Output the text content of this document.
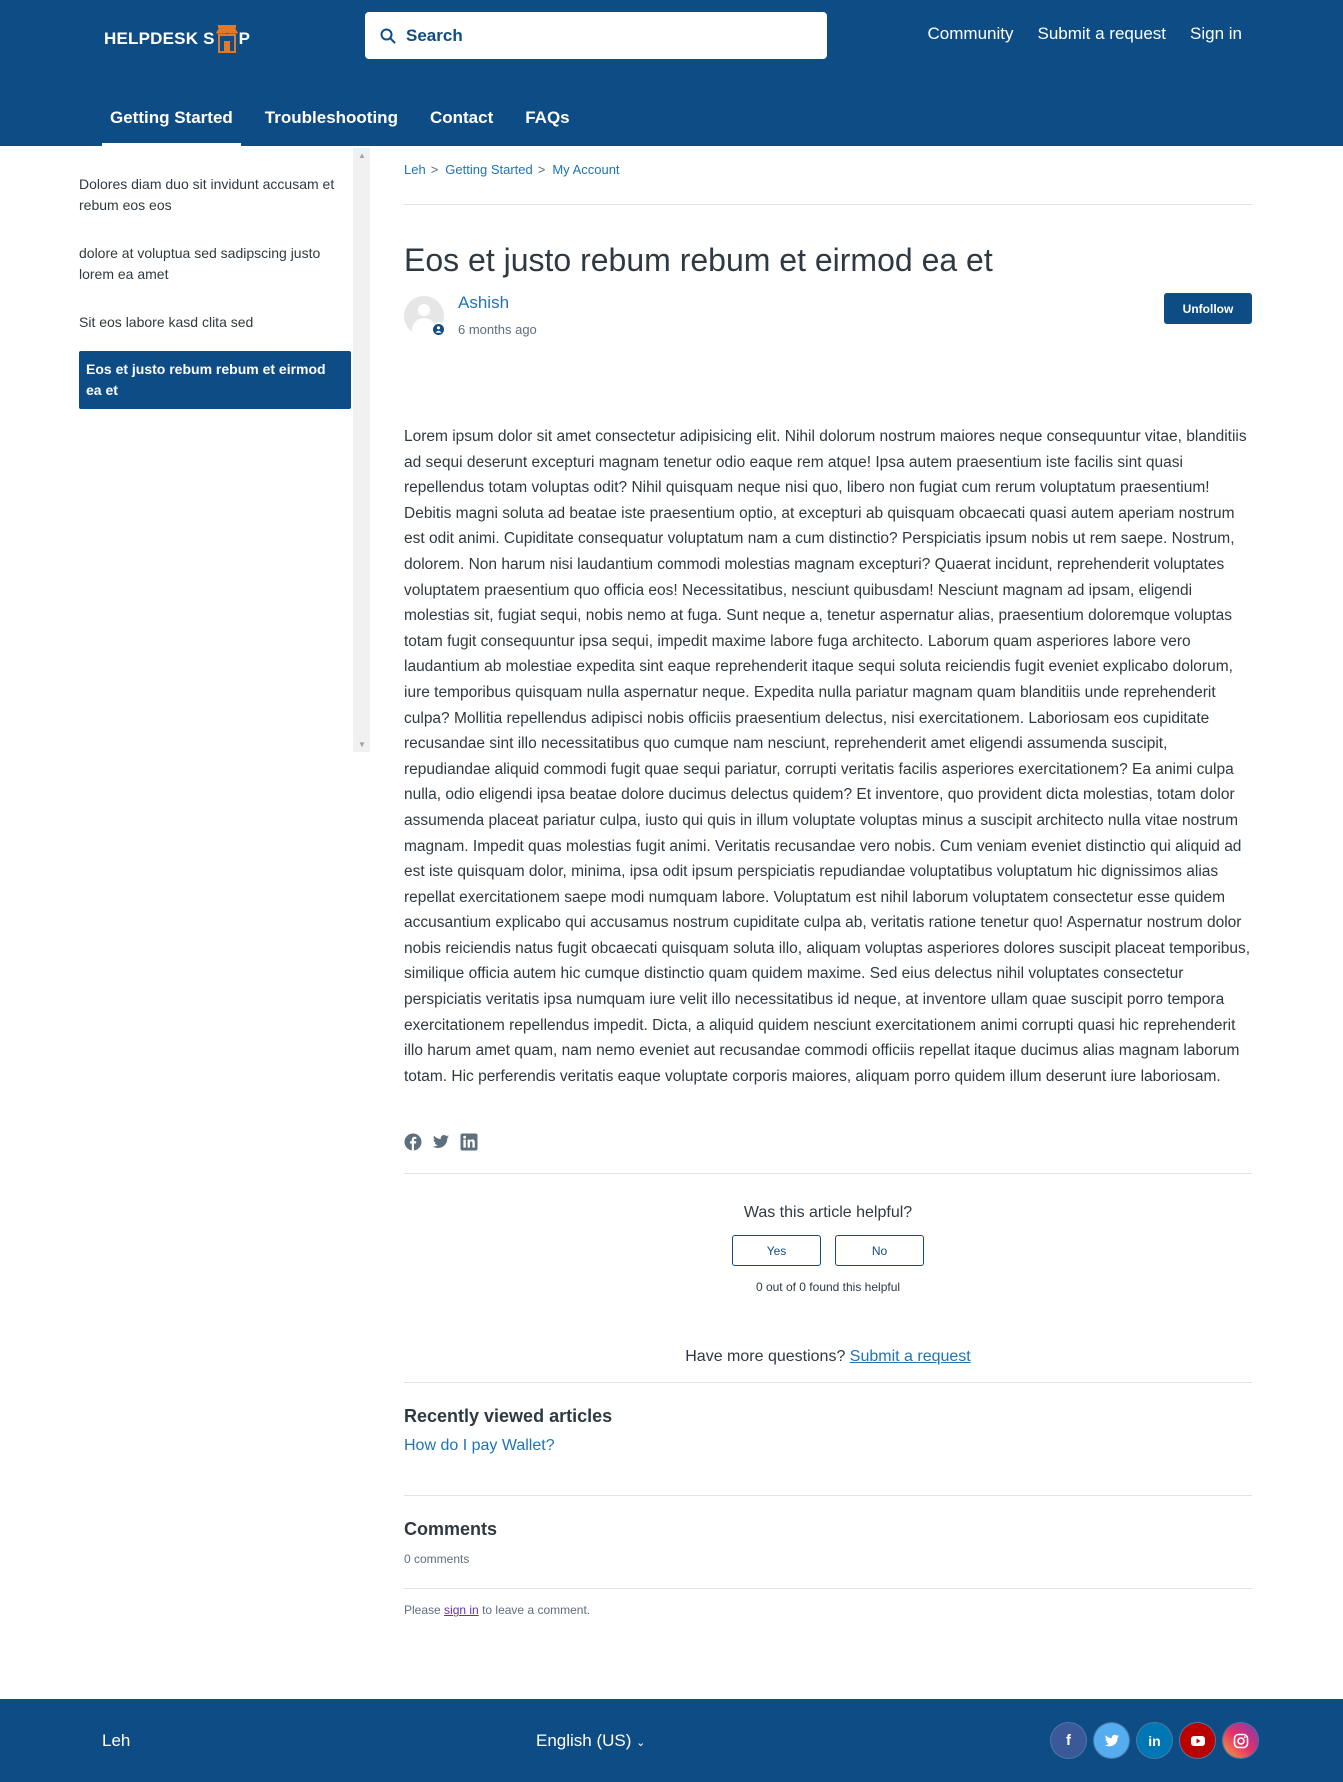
HELPDESK S P	Search	Community Submit a request Sign in
Getting Started	Troubleshooting	Contact	FAQs
Dolores diam duo sit invidunt accusam et rebum eos eos
dolore at voluptua sed sadipscing justo lorem ea amet
Sit eos labore kasd clita sed
Eos et justo rebum rebum et eirmod ea et
▲
▼
Leh > Getting Started > My Account
Eos et justo rebum rebum et eirmod ea et
Ashish
6 months ago
Unfollow
Lorem ipsum dolor sit amet consectetur adipisicing elit. Nihil dolorum nostrum maiores neque consequuntur vitae, blanditiis ad sequi deserunt excepturi magnam tenetur odio eaque rem atque! Ipsa autem praesentium iste facilis sint quasi repellendus totam voluptas odit? Nihil quisquam neque nisi quo, libero non fugiat cum rerum voluptatum praesentium! Debitis magni soluta ad beatae iste praesentium optio, at excepturi ab quisquam obcaecati quasi autem aperiam nostrum est odit animi. Cupiditate consequatur voluptatum nam a cum distinctio? Perspiciatis ipsum nobis ut rem saepe. Nostrum, dolorem. Non harum nisi laudantium commodi molestias magnam excepturi? Quaerat incidunt, reprehenderit voluptates voluptatem praesentium quo officia eos! Necessitatibus, nesciunt quibusdam! Nesciunt magnam ad ipsam, eligendi molestias sit, fugiat sequi, nobis nemo at fuga. Sunt neque a, tenetur aspernatur alias, praesentium doloremque voluptas totam fugit consequuntur ipsa sequi, impedit maxime labore fuga architecto. Laborum quam asperiores labore vero laudantium ab molestiae expedita sint eaque reprehenderit itaque sequi soluta reiciendis fugit eveniet explicabo dolorum, iure temporibus quisquam nulla aspernatur neque. Expedita nulla pariatur magnam quam blanditiis unde reprehenderit culpa? Mollitia repellendus adipisci nobis officiis praesentium delectus, nisi exercitationem. Laboriosam eos cupiditate recusandae sint illo necessitatibus quo cumque nam nesciunt, reprehenderit amet eligendi assumenda suscipit, repudiandae aliquid commodi fugit quae sequi pariatur, corrupti veritatis facilis asperiores exercitationem? Ea animi culpa nulla, odio eligendi ipsa beatae dolore ducimus delectus quidem? Et inventore, quo provident dicta molestias, totam dolor assumenda placeat pariatur culpa, iusto qui quis in illum voluptate voluptas minus a suscipit architecto nulla vitae nostrum magnam. Impedit quas molestias fugit animi. Veritatis recusandae vero nobis. Cum veniam eveniet distinctio qui aliquid ad est iste quisquam dolor, minima, ipsa odit ipsum perspiciatis repudiandae voluptatibus voluptatum hic dignissimos alias repellat exercitationem saepe modi numquam labore. Voluptatum est nihil laborum voluptatem consectetur esse quidem accusantium explicabo qui accusamus nostrum cupiditate culpa ab, veritatis ratione tenetur quo! Aspernatur nostrum dolor nobis reiciendis natus fugit obcaecati quisquam soluta illo, aliquam voluptas asperiores dolores suscipit placeat temporibus, similique officia autem hic cumque distinctio quam quidem maxime. Sed eius delectus nihil voluptates consectetur perspiciatis veritatis ipsa numquam iure velit illo necessitatibus id neque, at inventore ullam quae suscipit porro tempora exercitationem repellendus impedit. Dicta, a aliquid quidem nesciunt exercitationem animi corrupti quasi hic reprehenderit illo harum amet quam, nam nemo eveniet aut recusandae commodi officiis repellat itaque ducimus alias magnam laborum totam. Hic perferendis veritatis eaque voluptate corporis maiores, aliquam porro quidem illum deserunt iure laboriosam.
Was this article helpful?
Yes	No
0 out of 0 found this helpful
Have more questions? Submit a request
Recently viewed articles
How do I pay Wallet?
Comments
0 comments
Please sign in to leave a comment.
Leh	English (US) ⌄	f	in
